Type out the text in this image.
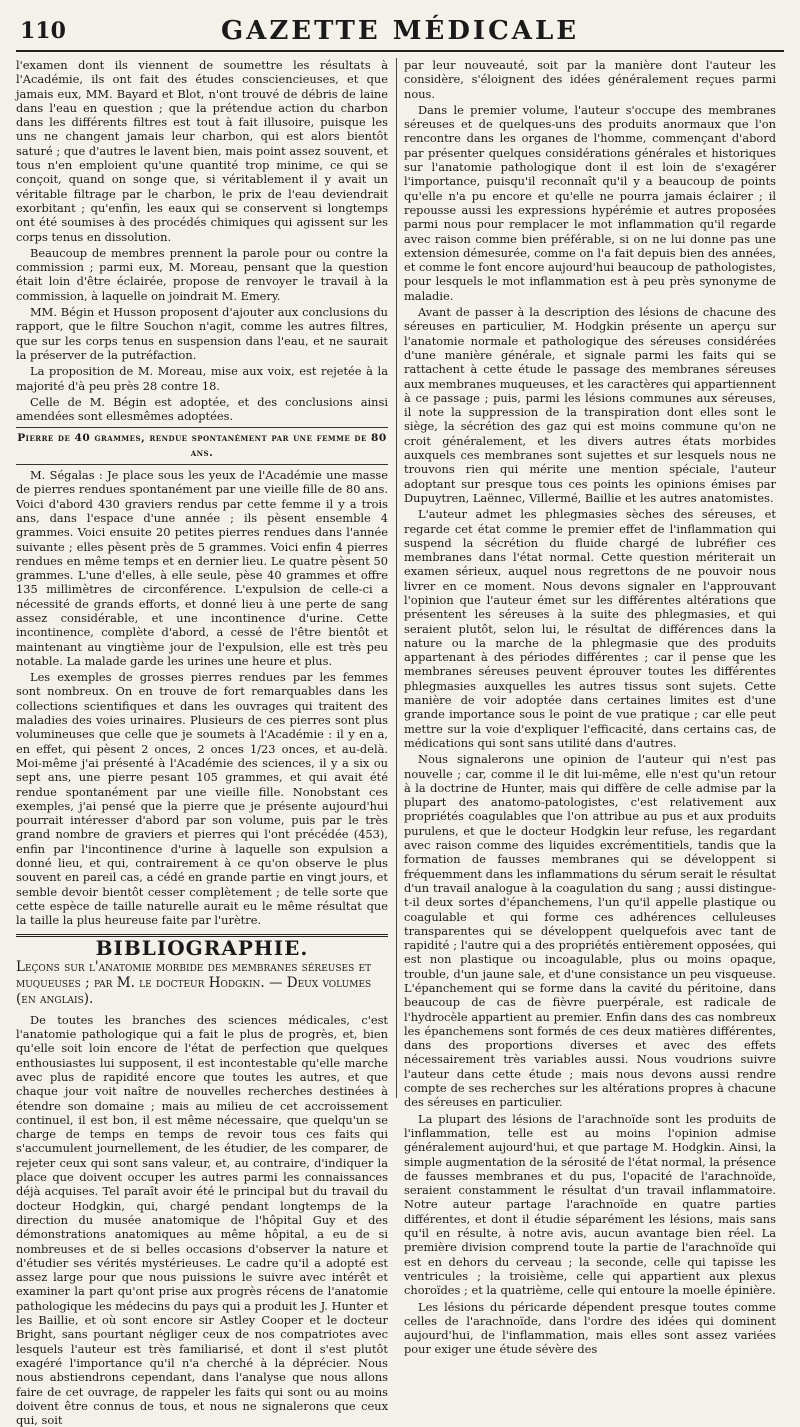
110	GAZETTE MÉDICALE

l'examen dont ils viennent de soumettre les résultats à l'Académie, ils ont fait des études consciencieuses, et que jamais eux, MM. Bayard et Blot, n'ont trouvé de débris de laine dans l'eau en question ; que la prétendue action du charbon dans les différents filtres est tout à fait illusoire, puisque les uns ne changent jamais leur charbon, qui est alors bientôt saturé ; que d'autres le lavent bien, mais point assez souvent, et tous n'en emploient qu'une quantité trop minime, ce qui se conçoit, quand on songe que, si véritablement il y avait un véritable filtrage par le charbon, le prix de l'eau deviendrait exorbitant ; qu'enfin, les eaux qui se conservent si longtemps ont été soumises à des procédés chimiques qui agissent sur les corps tenus en dissolution.

Beaucoup de membres prennent la parole pour ou contre la commission ; parmi eux, M. Moreau, pensant que la question était loin d'être éclairée, propose de renvoyer le travail à la commission, à laquelle on joindrait M. Emery.

MM. Bégin et Husson proposent d'ajouter aux conclusions du rapport, que le filtre Souchon n'agit, comme les autres filtres, que sur les corps tenus en suspension dans l'eau, et ne saurait la préserver de la putréfaction.

La proposition de M. Moreau, mise aux voix, est rejetée à la majorité d'à peu près 28 contre 18.

Celle de M. Bégin est adoptée, et des conclusions ainsi amendées sont ellesmêmes adoptées.

Pierre de 40 grammes, rendue spontanément par une femme de 80 ans.

M. Ségalas : Je place sous les yeux de l'Académie une masse de pierres rendues spontanément par une vieille fille de 80 ans. Voici d'abord 430 graviers rendus par cette femme il y a trois ans, dans l'espace d'une année ; ils pèsent ensemble 4 grammes. Voici ensuite 20 petites pierres rendues dans l'année suivante ; elles pèsent près de 5 grammes. Voici enfin 4 pierres rendues en même temps et en dernier lieu. Le quatre pèsent 50 grammes. L'une d'elles, à elle seule, pèse 40 grammes et offre 135 millimètres de circonférence. L'expulsion de celle-ci a nécessité de grands efforts, et donné lieu à une perte de sang assez considérable, et une incontinence d'urine. Cette incontinence, complète d'abord, a cessé de l'être bientôt et maintenant au vingtième jour de l'expulsion, elle est très peu notable. La malade garde les urines une heure et plus.

Les exemples de grosses pierres rendues par les femmes sont nombreux. On en trouve de fort remarquables dans les collections scientifiques et dans les ouvrages qui traitent des maladies des voies urinaires. Plusieurs de ces pierres sont plus volumineuses que celle que je soumets à l'Académie : il y en a, en effet, qui pèsent 2 onces, 2 onces 1/23 onces, et au-delà. Moi-même j'ai présenté à l'Académie des sciences, il y a six ou sept ans, une pierre pesant 105 grammes, et qui avait été rendue spontanément par une vieille fille. Nonobstant ces exemples, j'ai pensé que la pierre que je présente aujourd'hui pourrait intéresser d'abord par son volume, puis par le très grand nombre de graviers et pierres qui l'ont précédée (453), enfin par l'incontinence d'urine à laquelle son expulsion a donné lieu, et qui, contrairement à ce qu'on observe le plus souvent en pareil cas, a cédé en grande partie en vingt jours, et semble devoir bientôt cesser complètement ; de telle sorte que cette espèce de taille naturelle aurait eu le même résultat que la taille la plus heureuse faite par l'urètre.

BIBLIOGRAPHIE.

Leçons sur l'anatomie morbide des membranes séreuses et muqueuses ; par M. le docteur Hodgkin. — Deux volumes (en anglais).

De toutes les branches des sciences médicales, c'est l'anatomie pathologique qui a fait le plus de progrès, et, bien qu'elle soit loin encore de l'état de perfection que quelques enthousiastes lui supposent, il est incontestable qu'elle marche avec plus de rapidité encore que toutes les autres, et que chaque jour voit naître de nouvelles recherches destinées à étendre son domaine ; mais au milieu de cet accroissement continuel, il est bon, il est même nécessaire, que quelqu'un se charge de temps en temps de revoir tous ces faits qui s'accumulent journellement, de les étudier, de les comparer, de rejeter ceux qui sont sans valeur, et, au contraire, d'indiquer la place que doivent occuper les autres parmi les connaissances déjà acquises. Tel paraît avoir été le principal but du travail du docteur Hodgkin, qui, chargé pendant longtemps de la direction du musée anatomique de l'hôpital Guy et des démonstrations anatomiques au même hôpital, a eu de si nombreuses et de si belles occasions d'observer la nature et d'étudier ses vérités mystérieuses. Le cadre qu'il a adopté est assez large pour que nous puissions le suivre avec intérêt et examiner la part qu'ont prise aux progrès récens de l'anatomie pathologique les médecins du pays qui a produit les J. Hunter et les Baillie, et où sont encore sir Astley Cooper et le docteur Bright, sans pourtant négliger ceux de nos compatriotes avec lesquels l'auteur est très familiarisé, et dont il s'est plutôt exagéré l'importance qu'il n'a cherché à la déprécier. Nous nous abstiendrons cependant, dans l'analyse que nous allons faire de cet ouvrage, de rappeler les faits qui sont ou au moins doivent être connus de tous, et nous ne signalerons que ceux qui, soit

par leur nouveauté, soit par la manière dont l'auteur les considère, s'éloignent des idées généralement reçues parmi nous.

Dans le premier volume, l'auteur s'occupe des membranes séreuses et de quelques-uns des produits anormaux que l'on rencontre dans les organes de l'homme, commençant d'abord par présenter quelques considérations générales et historiques sur l'anatomie pathologique dont il est loin de s'exagérer l'importance, puisqu'il reconnaît qu'il y a beaucoup de points qu'elle n'a pu encore et qu'elle ne pourra jamais éclairer ; il repousse aussi les expressions hypérémie et autres proposées parmi nous pour remplacer le mot inflammation qu'il regarde avec raison comme bien préférable, si on ne lui donne pas une extension démesurée, comme on l'a fait depuis bien des années, et comme le font encore aujourd'hui beaucoup de pathologistes, pour lesquels le mot inflammation est à peu près synonyme de maladie.

Avant de passer à la description des lésions de chacune des séreuses en particulier, M. Hodgkin présente un aperçu sur l'anatomie normale et pathologique des séreuses considérées d'une manière générale, et signale parmi les faits qui se rattachent à cette étude le passage des membranes séreuses aux membranes muqueuses, et les caractères qui appartiennent à ce passage ; puis, parmi les lésions communes aux séreuses, il note la suppression de la transpiration dont elles sont le siège, la sécrétion des gaz qui est moins commune qu'on ne croit généralement, et les divers autres états morbides auxquels ces membranes sont sujettes et sur lesquels nous ne trouvons rien qui mérite une mention spéciale, l'auteur adoptant sur presque tous ces points les opinions émises par Dupuytren, Laënnec, Villermé, Baillie et les autres anatomistes.

L'auteur admet les phlegmasies sèches des séreuses, et regarde cet état comme le premier effet de l'inflammation qui suspend la sécrétion du fluide chargé de lubréfier ces membranes dans l'état normal. Cette question mériterait un examen sérieux, auquel nous regrettons de ne pouvoir nous livrer en ce moment. Nous devons signaler en l'approuvant l'opinion que l'auteur émet sur les différentes altérations que présentent les séreuses à la suite des phlegmasies, et qui seraient plutôt, selon lui, le résultat de différences dans la nature ou la marche de la phlegmasie que des produits appartenant à des périodes différentes ; car il pense que les membranes séreuses peuvent éprouver toutes les différentes phlegmasies auxquelles les autres tissus sont sujets. Cette manière de voir adoptée dans certaines limites est d'une grande importance sous le point de vue pratique ; car elle peut mettre sur la voie d'expliquer l'efficacité, dans certains cas, de médications qui sont sans utilité dans d'autres.

Nous signalerons une opinion de l'auteur qui n'est pas nouvelle ; car, comme il le dit lui-même, elle n'est qu'un retour à la doctrine de Hunter, mais qui diffère de celle admise par la plupart des anatomo-patologistes, c'est relativement aux propriétés coagulables que l'on attribue au pus et aux produits purulens, et que le docteur Hodgkin leur refuse, les regardant avec raison comme des liquides excrémentitiels, tandis que la formation de fausses membranes qui se développent si fréquemment dans les inflammations du sérum serait le résultat d'un travail analogue à la coagulation du sang ; aussi distingue-t-il deux sortes d'épanchemens, l'un qu'il appelle plastique ou coagulable et qui forme ces adhérences celluleuses transparentes qui se développent quelquefois avec tant de rapidité ; l'autre qui a des propriétés entièrement opposées, qui est non plastique ou incoagulable, plus ou moins opaque, trouble, d'un jaune sale, et d'une consistance un peu visqueuse. L'épanchement qui se forme dans la cavité du péritoine, dans beaucoup de cas de fièvre puerpérale, est radicale de l'hydrocèle appartient au premier. Enfin dans des cas nombreux les épanchemens sont formés de ces deux matières différentes, dans des proportions diverses et avec des effets nécessairement très variables aussi. Nous voudrions suivre l'auteur dans cette étude ; mais nous devons aussi rendre compte de ses recherches sur les altérations propres à chacune des séreuses en particulier.

La plupart des lésions de l'arachnoïde sont les produits de l'inflammation, telle est au moins l'opinion admise généralement aujourd'hui, et que partage M. Hodgkin. Ainsi, la simple augmentation de la sérosité de l'état normal, la présence de fausses membranes et du pus, l'opacité de l'arachnoïde, seraient constamment le résultat d'un travail inflammatoire. Notre auteur partage l'arachnoïde en quatre parties différentes, et dont il étudie séparément les lésions, mais sans qu'il en résulte, à notre avis, aucun avantage bien réel. La première division comprend toute la partie de l'arachnoïde qui est en dehors du cerveau ; la seconde, celle qui tapisse les ventricules ; la troisième, celle qui appartient aux plexus choroïdes ; et la quatrième, celle qui entoure la moelle épinière.

Les lésions du péricarde dépendent presque toutes comme celles de l'arachnoïde, dans l'ordre des idées qui dominent aujourd'hui, de l'inflammation, mais elles sont assez variées pour exiger une étude sévère des
